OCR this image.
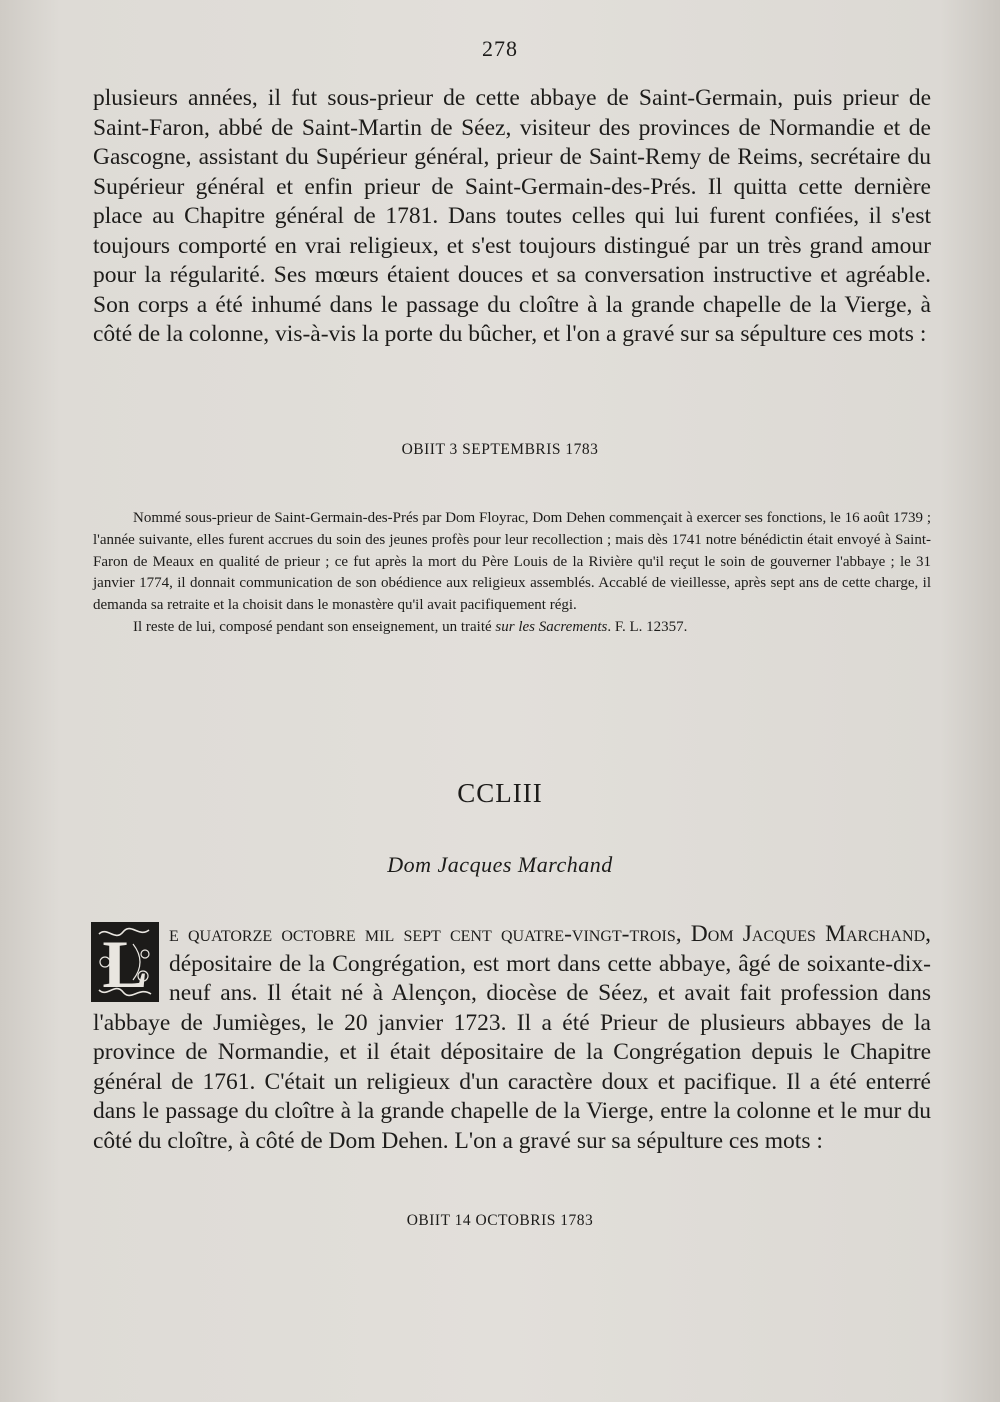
278

plusieurs années, il fut sous-prieur de cette abbaye de Saint-Germain, puis prieur de Saint-Faron, abbé de Saint-Martin de Séez, visiteur des provinces de Normandie et de Gascogne, assistant du Supérieur général, prieur de Saint-Remy de Reims, secrétaire du Supérieur général et enfin prieur de Saint-Germain-des-Prés. Il quitta cette dernière place au Chapitre général de 1781. Dans toutes celles qui lui furent confiées, il s'est toujours comporté en vrai religieux, et s'est toujours distingué par un très grand amour pour la régularité. Ses mœurs étaient douces et sa conversation instructive et agréable. Son corps a été inhumé dans le passage du cloître à la grande chapelle de la Vierge, à côté de la colonne, vis-à-vis la porte du bûcher, et l'on a gravé sur sa sépulture ces mots :

OBIIT 3 SEPTEMBRIS 1783

Nommé sous-prieur de Saint-Germain-des-Prés par Dom Floyrac, Dom Dehen commençait à exercer ses fonctions, le 16 août 1739 ; l'année suivante, elles furent accrues du soin des jeunes profès pour leur recollection ; mais dès 1741 notre bénédictin était envoyé à Saint-Faron de Meaux en qualité de prieur ; ce fut après la mort du Père Louis de la Rivière qu'il reçut le soin de gouverner l'abbaye ; le 31 janvier 1774, il donnait communication de son obédience aux religieux assemblés. Accablé de vieillesse, après sept ans de cette charge, il demanda sa retraite et la choisit dans le monastère qu'il avait pacifiquement régi.

Il reste de lui, composé pendant son enseignement, un traité sur les Sacrements. F. L. 12357.

CCLIII
Dom Jacques Marchand

L e quatorze octobre mil sept cent quatre-vingt-trois, Dom Jacques Marchand, dépositaire de la Congrégation, est mort dans cette abbaye, âgé de soixante-dix-neuf ans. Il était né à Alençon, diocèse de Séez, et avait fait profession dans l'abbaye de Jumièges, le 20 janvier 1723. Il a été Prieur de plusieurs abbayes de la province de Normandie, et il était dépositaire de la Congrégation depuis le Chapitre général de 1761. C'était un religieux d'un caractère doux et pacifique. Il a été enterré dans le passage du cloître à la grande chapelle de la Vierge, entre la colonne et le mur du côté du cloître, à côté de Dom Dehen. L'on a gravé sur sa sépulture ces mots :

OBIIT 14 OCTOBRIS 1783
